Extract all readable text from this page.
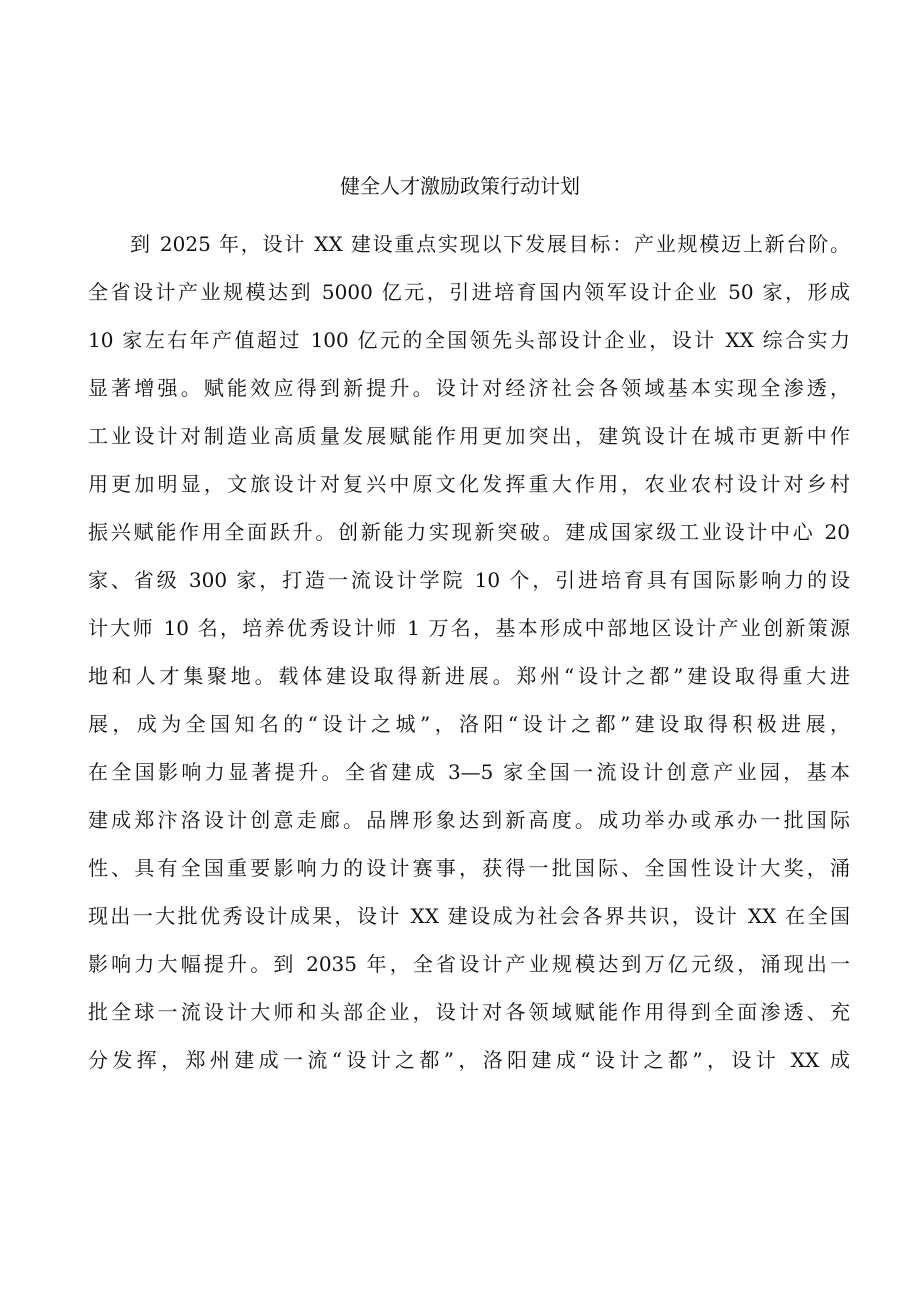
健全人才激励政策行动计划
到 2025 年，设计 XX 建设重点实现以下发展目标：产业规模迈上新台阶。
全省设计产业规模达到 5000 亿元，引进培育国内领军设计企业 50 家，形成
10 家左右年产值超过 100 亿元的全国领先头部设计企业，设计 XX 综合实力
显著增强。赋能效应得到新提升。设计对经济社会各领域基本实现全渗透，
工业设计对制造业高质量发展赋能作用更加突出，建筑设计在城市更新中作
用更加明显，文旅设计对复兴中原文化发挥重大作用，农业农村设计对乡村
振兴赋能作用全面跃升。创新能力实现新突破。建成国家级工业设计中心 20
家、省级 300 家，打造一流设计学院 10 个，引进培育具有国际影响力的设
计大师 10 名，培养优秀设计师 1 万名，基本形成中部地区设计产业创新策源
地和人才集聚地。载体建设取得新进展。郑州“设计之都”建设取得重大进
展，成为全国知名的“设计之城”，洛阳“设计之都”建设取得积极进展，
在全国影响力显著提升。全省建成 3—5 家全国一流设计创意产业园，基本
建成郑汴洛设计创意走廊。品牌形象达到新高度。成功举办或承办一批国际
性、具有全国重要影响力的设计赛事，获得一批国际、全国性设计大奖，涌
现出一大批优秀设计成果，设计 XX 建设成为社会各界共识，设计 XX 在全国
影响力大幅提升。到 2035 年，全省设计产业规模达到万亿元级，涌现出一
批全球一流设计大师和头部企业，设计对各领域赋能作用得到全面渗透、充
分发挥，郑州建成一流“设计之都”，洛阳建成“设计之都”，设计 XX 成
